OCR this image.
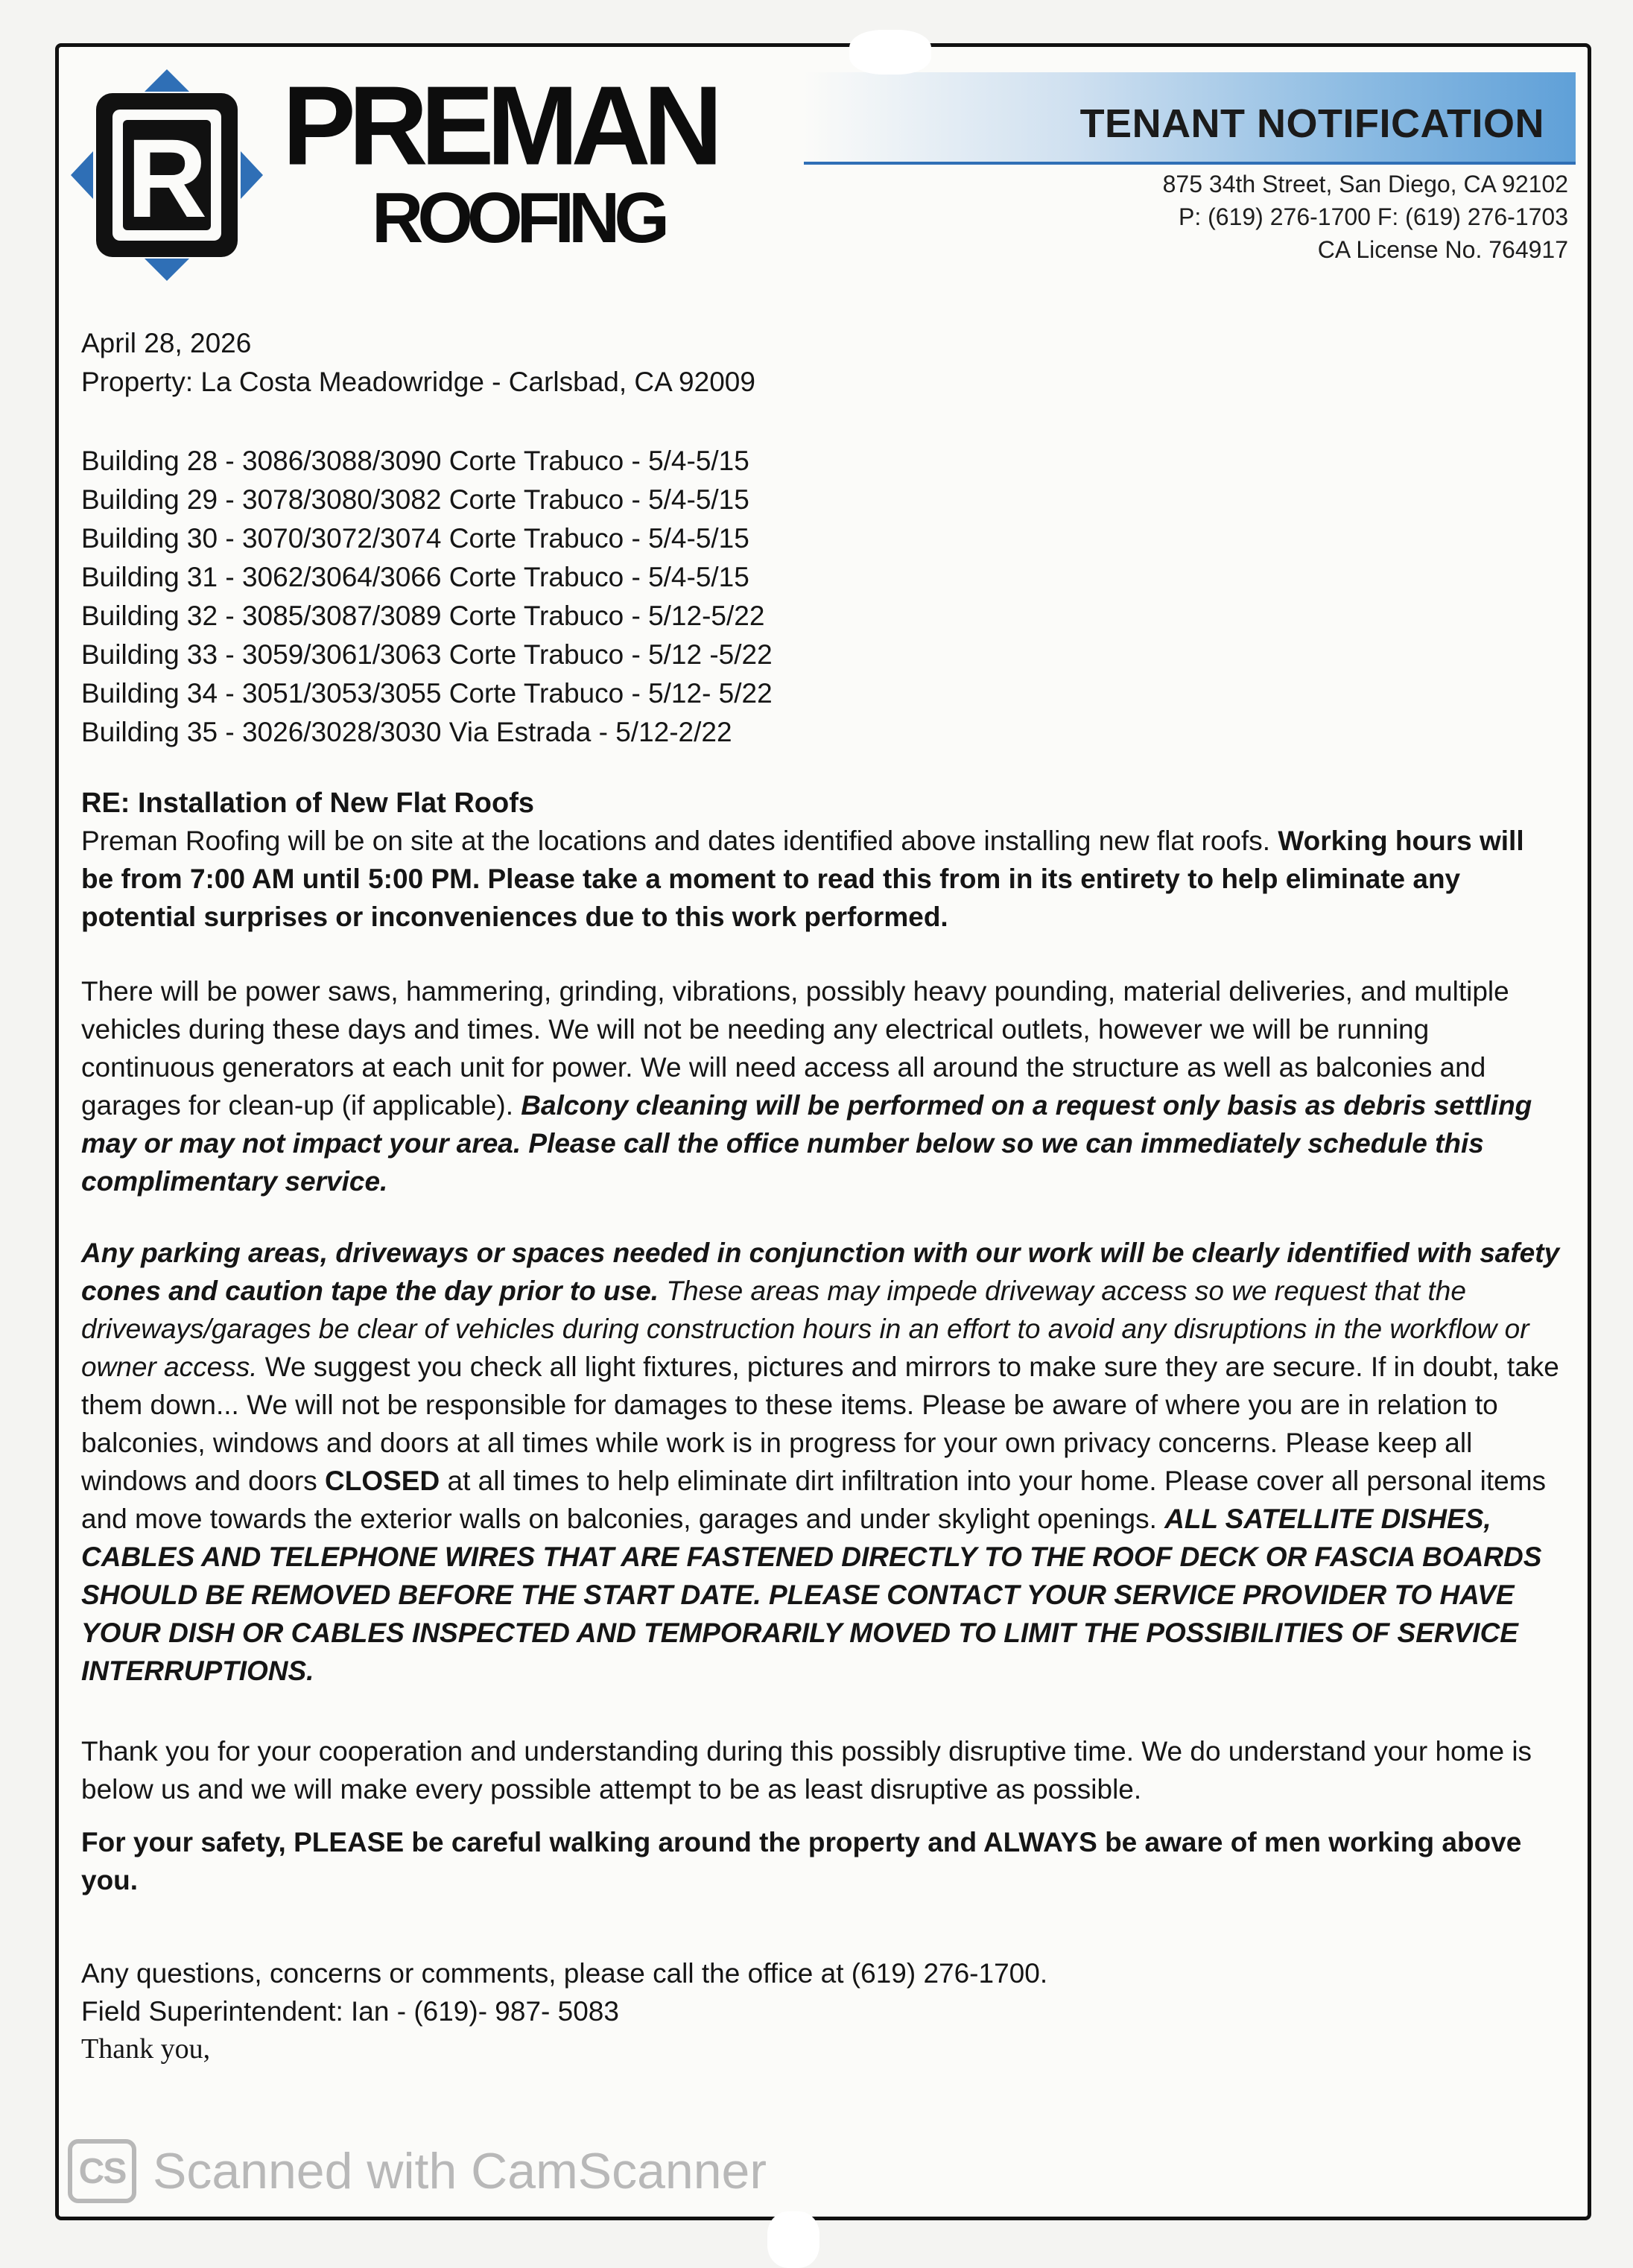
R PREMAN
ROOFING
TENANT NOTIFICATION
875 34th Street, San Diego, CA 92102
P: (619) 276-1700 F: (619) 276-1703
CA License No. 764917
April 28, 2026
Property: La Costa Meadowridge - Carlsbad, CA 92009
Building 28 - 3086/3088/3090 Corte Trabuco - 5/4-5/15
Building 29 - 3078/3080/3082 Corte Trabuco - 5/4-5/15
Building 30 - 3070/3072/3074 Corte Trabuco - 5/4-5/15
Building 31 - 3062/3064/3066 Corte Trabuco - 5/4-5/15
Building 32 - 3085/3087/3089 Corte Trabuco - 5/12-5/22
Building 33 - 3059/3061/3063 Corte Trabuco - 5/12 -5/22
Building 34 - 3051/3053/3055 Corte Trabuco - 5/12- 5/22
Building 35 - 3026/3028/3030 Via Estrada - 5/12-2/22
RE: Installation of New Flat Roofs
Preman Roofing will be on site at the locations and dates identified above installing new flat roofs. Working hours will be from 7:00 AM until 5:00 PM. Please take a moment to read this from in its entirety to help eliminate any potential surprises or inconveniences due to this work performed.
There will be power saws, hammering, grinding, vibrations, possibly heavy pounding, material deliveries, and multiple vehicles during these days and times. We will not be needing any electrical outlets, however we will be running continuous generators at each unit for power. We will need access all around the structure as well as balconies and garages for clean-up (if applicable). Balcony cleaning will be performed on a request only basis as debris settling may or may not impact your area. Please call the office number below so we can immediately schedule this complimentary service.
Any parking areas, driveways or spaces needed in conjunction with our work will be clearly identified with safety cones and caution tape the day prior to use. These areas may impede driveway access so we request that the driveways/garages be clear of vehicles during construction hours in an effort to avoid any disruptions in the workflow or owner access. We suggest you check all light fixtures, pictures and mirrors to make sure they are secure. If in doubt, take them down... We will not be responsible for damages to these items. Please be aware of where you are in relation to balconies, windows and doors at all times while work is in progress for your own privacy concerns. Please keep all windows and doors CLOSED at all times to help eliminate dirt infiltration into your home. Please cover all personal items and move towards the exterior walls on balconies, garages and under skylight openings. ALL SATELLITE DISHES, CABLES AND TELEPHONE WIRES THAT ARE FASTENED DIRECTLY TO THE ROOF DECK OR FASCIA BOARDS SHOULD BE REMOVED BEFORE THE START DATE. PLEASE CONTACT YOUR SERVICE PROVIDER TO HAVE YOUR DISH OR CABLES INSPECTED AND TEMPORARILY MOVED TO LIMIT THE POSSIBILITIES OF SERVICE INTERRUPTIONS.
Thank you for your cooperation and understanding during this possibly disruptive time. We do understand your home is below us and we will make every possible attempt to be as least disruptive as possible.
For your safety, PLEASE be careful walking around the property and ALWAYS be aware of men working above you.
Any questions, concerns or comments, please call the office at (619) 276-1700.
Field Superintendent: Ian - (619)- 987- 5083
Thank you,
CS Scanned with CamScanner
